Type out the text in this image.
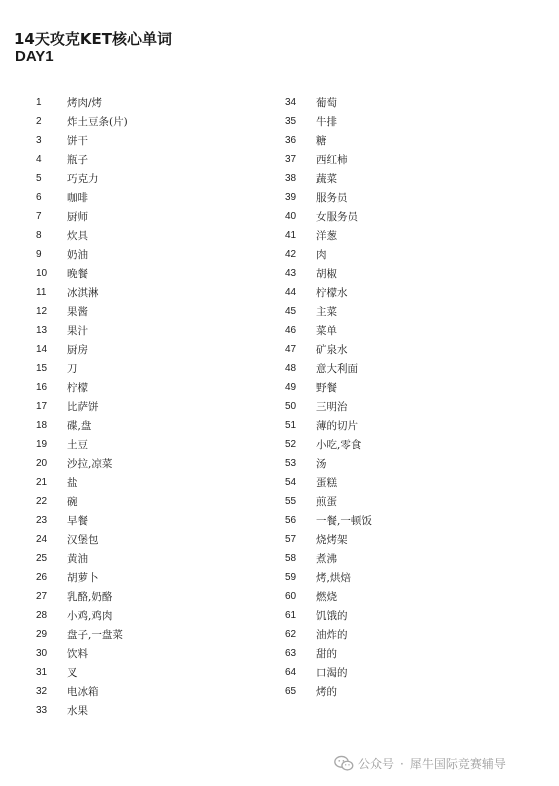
14天攻克KET核心单词
DAY1
1	烤肉/烤
2	炸土豆条(片)
3	饼干
4	瓶子
5	巧克力
6	咖啡
7	厨师
8	炊具
9	奶油
10	晚餐
11	冰淇淋
12	果酱
13	果汁
14	厨房
15	刀
16	柠檬
17	比萨饼
18	碟,盘
19	土豆
20	沙拉,凉菜
21	盐
22	碗
23	早餐
24	汉堡包
25	黄油
26	胡萝卜
27	乳酪,奶酪
28	小鸡,鸡肉
29	盘子,一盘菜
30	饮料
31	叉
32	电冰箱
33	水果
34	葡萄
35	牛排
36	糖
37	西红柿
38	蔬菜
39	服务员
40	女服务员
41	洋葱
42	肉
43	胡椒
44	柠檬水
45	主菜
46	菜单
47	矿泉水
48	意大利面
49	野餐
50	三明治
51	薄的切片
52	小吃,零食
53	汤
54	蛋糕
55	煎蛋
56	一餐,一顿饭
57	烧烤架
58	煮沸
59	烤,烘焙
60	燃烧
61	饥饿的
62	油炸的
63	甜的
64	口渴的
65	烤的
公众号 · 犀牛国际竞赛辅导
